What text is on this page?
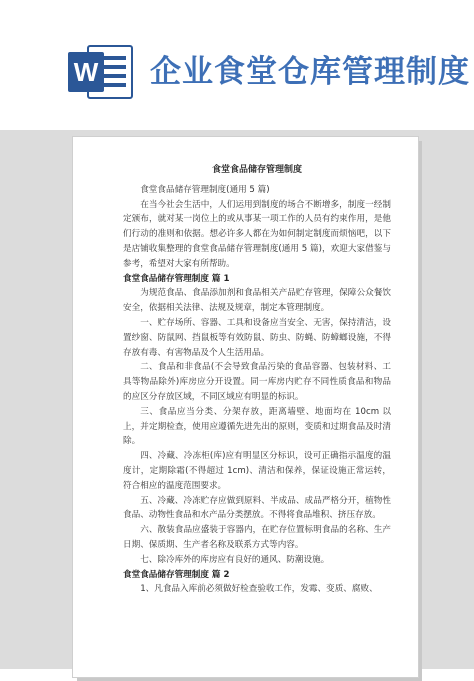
W 企业食堂仓库管理制度
食堂食品储存管理制度

食堂食品储存管理制度(通用 5 篇)

在当今社会生活中，人们运用到制度的场合不断增多，制度一经制定颁布，就对某一岗位上的或从事某一项工作的人员有约束作用，是他们行动的准则和依据。想必许多人都在为如何制定制度而烦恼吧，以下是店铺收集整理的食堂食品储存管理制度(通用 5 篇)，欢迎大家借鉴与参考，希望对大家有所帮助。

食堂食品储存管理制度 篇 1

为规范食品、食品添加剂和食品相关产品贮存管理，保障公众餐饮安全，依据相关法律、法规及规章，制定本管理制度。

一、贮存场所、容器、工具和设备应当安全、无害，保持清洁，设置纱窗、防鼠网、挡鼠板等有效防鼠、防虫、防蝇、防蟑螂设施，不得存放有毒、有害物品及个人生活用品。

二、食品和非食品(不会导致食品污染的食品容器、包装材料、工具等物品除外)库房应分开设置。同一库房内贮存不同性质食品和物品的应区分存放区域，不同区域应有明显的标识。

三、食品应当分类、分架存放，距离墙壁、地面均在 10cm 以上，并定期检查，使用应遵循先进先出的原则，变质和过期食品及时清除。

四、冷藏、冷冻柜(库)应有明显区分标识，设可正确指示温度的温度计，定期除霜(不得超过 1cm)、清洁和保养，保证设施正常运转，符合相应的温度范围要求。

五、冷藏、冷冻贮存应做到原料、半成品、成品严格分开，植物性食品、动物性食品和水产品分类摆放。不得将食品堆积、挤压存放。

六、散装食品应盛装于容器内，在贮存位置标明食品的名称、生产日期、保质期、生产者名称及联系方式等内容。

七、除冷库外的库房应有良好的通风、防潮设施。

食堂食品储存管理制度 篇 2

1、凡食品入库前必须做好检查验收工作，发霉、变质、腐败、
